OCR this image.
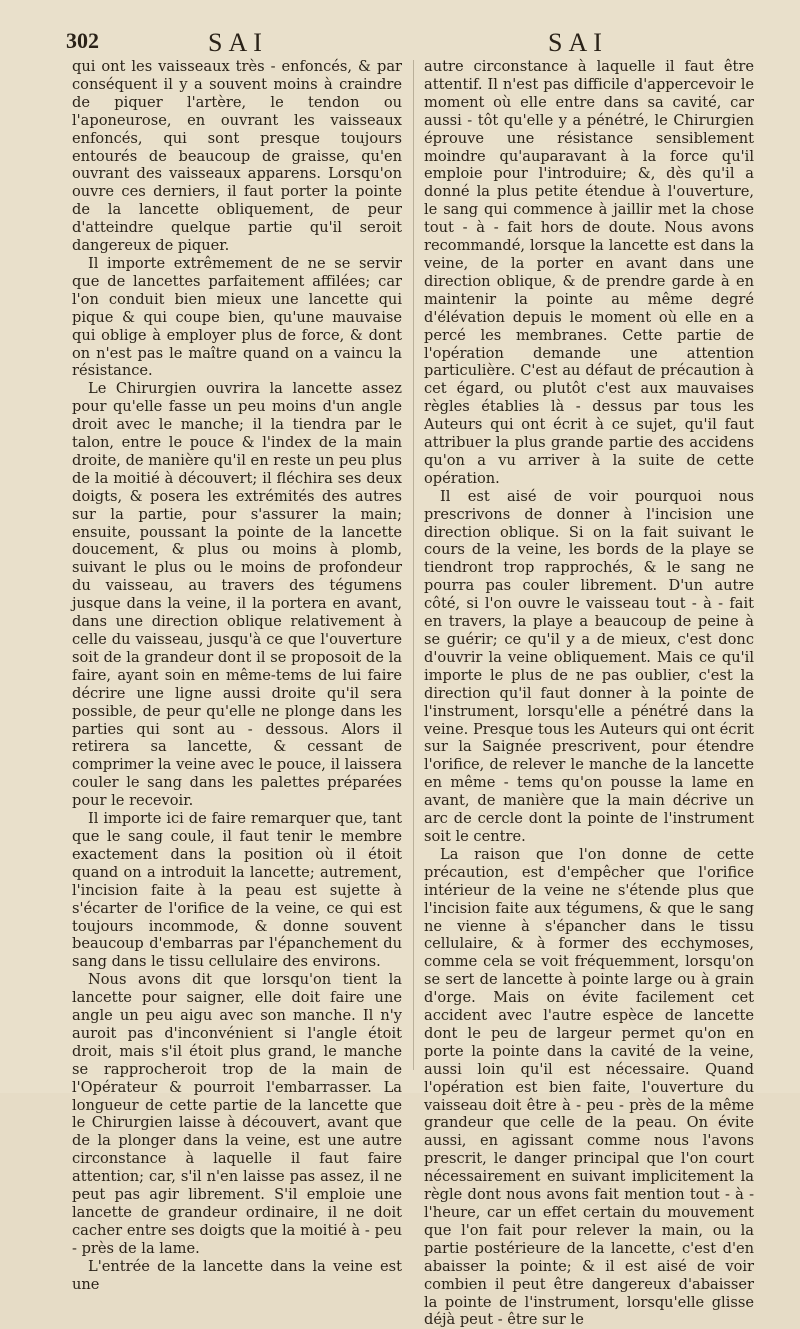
302	SAI	SAI

qui ont les vaisseaux très - enfoncés, & par conséquent il y a souvent moins à craindre de piquer l'artère, le tendon ou l'aponeurose, en ouvrant les vaisseaux enfoncés, qui sont presque toujours entourés de beaucoup de graisse, qu'en ouvrant des vaisseaux apparens. Lorsqu'on ouvre ces derniers, il faut porter la pointe de la lancette obliquement, de peur d'atteindre quelque partie qu'il seroit dangereux de piquer.

Il importe extrêmement de ne se servir que de lancettes parfaitement affilées; car l'on conduit bien mieux une lancette qui pique & qui coupe bien, qu'une mauvaise qui oblige à employer plus de force, & dont on n'est pas le maître quand on a vaincu la résistance.

Le Chirurgien ouvrira la lancette assez pour qu'elle fasse un peu moins d'un angle droit avec le manche; il la tiendra par le talon, entre le pouce & l'index de la main droite, de manière qu'il en reste un peu plus de la moitié à découvert; il fléchira ses deux doigts, & posera les extrémités des autres sur la partie, pour s'assurer la main; ensuite, poussant la pointe de la lancette doucement, & plus ou moins à plomb, suivant le plus ou le moins de profondeur du vaisseau, au travers des tégumens jusque dans la veine, il la portera en avant, dans une direction oblique relativement à celle du vaisseau, jusqu'à ce que l'ouverture soit de la grandeur dont il se proposoit de la faire, ayant soin en même-tems de lui faire décrire une ligne aussi droite qu'il sera possible, de peur qu'elle ne plonge dans les parties qui sont au - dessous. Alors il retirera sa lancette, & cessant de comprimer la veine avec le pouce, il laissera couler le sang dans les palettes préparées pour le recevoir.

Il importe ici de faire remarquer que, tant que le sang coule, il faut tenir le membre exactement dans la position où il étoit quand on a introduit la lancette; autrement, l'incision faite à la peau est sujette à s'écarter de l'orifice de la veine, ce qui est toujours incommode, & donne souvent beaucoup d'embarras par l'épanchement du sang dans le tissu cellulaire des environs.

Nous avons dit que lorsqu'on tient la lancette pour saigner, elle doit faire une angle un peu aigu avec son manche. Il n'y auroit pas d'inconvénient si l'angle étoit droit, mais s'il étoit plus grand, le manche se rapprocheroit trop de la main de l'Opérateur & pourroit l'embarrasser. La longueur de cette partie de la lancette que le Chirurgien laisse à découvert, avant que de la plonger dans la veine, est une autre circonstance à laquelle il faut faire attention; car, s'il n'en laisse pas assez, il ne peut pas agir librement. S'il emploie une lancette de grandeur ordinaire, il ne doit cacher entre ses doigts que la moitié à - peu - près de la lame.

L'entrée de la lancette dans la veine est une

autre circonstance à laquelle il faut être attentif. Il n'est pas difficile d'appercevoir le moment où elle entre dans sa cavité, car aussi - tôt qu'elle y a pénétré, le Chirurgien éprouve une résistance sensiblement moindre qu'auparavant à la force qu'il emploie pour l'introduire; &, dès qu'il a donné la plus petite étendue à l'ouverture, le sang qui commence à jaillir met la chose tout - à - fait hors de doute. Nous avons recommandé, lorsque la lancette est dans la veine, de la porter en avant dans une direction oblique, & de prendre garde à en maintenir la pointe au même degré d'élévation depuis le moment où elle en a percé les membranes. Cette partie de l'opération demande une attention particulière. C'est au défaut de précaution à cet égard, ou plutôt c'est aux mauvaises règles établies là - dessus par tous les Auteurs qui ont écrit à ce sujet, qu'il faut attribuer la plus grande partie des accidens qu'on a vu arriver à la suite de cette opération.

Il est aisé de voir pourquoi nous prescrivons de donner à l'incision une direction oblique. Si on la fait suivant le cours de la veine, les bords de la playe se tiendront trop rapprochés, & le sang ne pourra pas couler librement. D'un autre côté, si l'on ouvre le vaisseau tout - à - fait en travers, la playe a beaucoup de peine à se guérir; ce qu'il y a de mieux, c'est donc d'ouvrir la veine obliquement. Mais ce qu'il importe le plus de ne pas oublier, c'est la direction qu'il faut donner à la pointe de l'instrument, lorsqu'elle a pénétré dans la veine. Presque tous les Auteurs qui ont écrit sur la Saignée prescrivent, pour étendre l'orifice, de relever le manche de la lancette en même - tems qu'on pousse la lame en avant, de manière que la main décrive un arc de cercle dont la pointe de l'instrument soit le centre.

La raison que l'on donne de cette précaution, est d'empêcher que l'orifice intérieur de la veine ne s'étende plus que l'incision faite aux tégumens, & que le sang ne vienne à s'épancher dans le tissu cellulaire, & à former des ecchymoses, comme cela se voit fréquemment, lorsqu'on se sert de lancette à pointe large ou à grain d'orge. Mais on évite facilement cet accident avec l'autre espèce de lancette dont le peu de largeur permet qu'on en porte la pointe dans la cavité de la veine, aussi loin qu'il est nécessaire. Quand l'opération est bien faite, l'ouverture du vaisseau doit être à - peu - près de la même grandeur que celle de la peau. On évite aussi, en agissant comme nous l'avons prescrit, le danger principal que l'on court nécessairement en suivant implicitement la règle dont nous avons fait mention tout - à - l'heure, car un effet certain du mouvement que l'on fait pour relever la main, ou la partie postérieure de la lancette, c'est d'en abaisser la pointe; & il est aisé de voir combien il peut être dangereux d'abaisser la pointe de l'instrument, lorsqu'elle glisse déjà peut - être sur le
